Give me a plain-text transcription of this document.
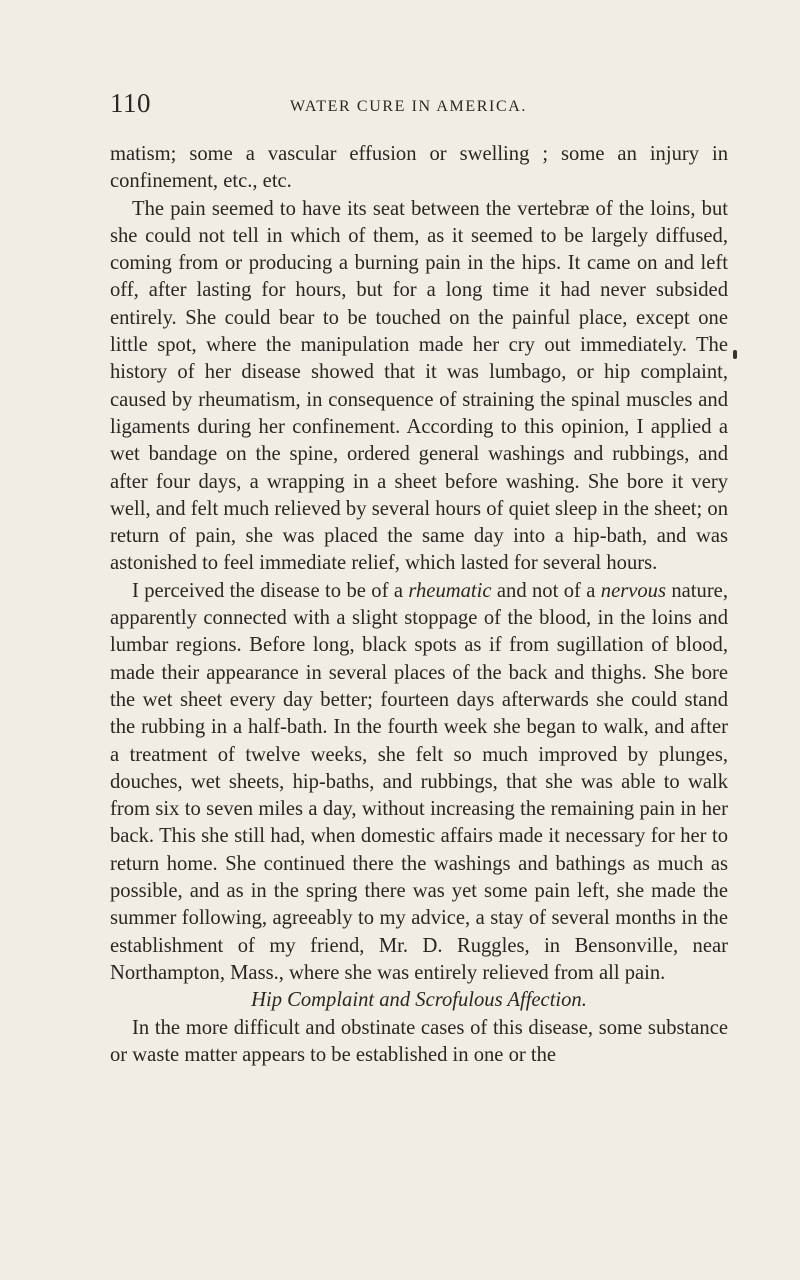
110	WATER CURE IN AMERICA.

matism; some a vascular effusion or swelling ; some an injury in confinement, etc., etc.

The pain seemed to have its seat between the vertebræ of the loins, but she could not tell in which of them, as it seemed to be largely diffused, coming from or producing a burning pain in the hips. It came on and left off, after lasting for hours, but for a long time it had never subsided entirely. She could bear to be touched on the painful place, except one little spot, where the manipulation made her cry out immediately. The history of her disease showed that it was lumbago, or hip complaint, caused by rheumatism, in consequence of straining the spinal muscles and ligaments during her confinement. According to this opinion, I applied a wet bandage on the spine, ordered general washings and rubbings, and after four days, a wrapping in a sheet before washing. She bore it very well, and felt much relieved by several hours of quiet sleep in the sheet; on return of pain, she was placed the same day into a hip-bath, and was astonished to feel immediate relief, which lasted for several hours.

I perceived the disease to be of a rheumatic and not of a nervous nature, apparently connected with a slight stoppage of the blood, in the loins and lumbar regions. Before long, black spots as if from sugillation of blood, made their appearance in several places of the back and thighs. She bore the wet sheet every day better; fourteen days afterwards she could stand the rubbing in a half-bath. In the fourth week she began to walk, and after a treatment of twelve weeks, she felt so much improved by plunges, douches, wet sheets, hip-baths, and rubbings, that she was able to walk from six to seven miles a day, without increasing the remaining pain in her back. This she still had, when domestic affairs made it necessary for her to return home. She continued there the washings and bathings as much as possible, and as in the spring there was yet some pain left, she made the summer following, agreeably to my advice, a stay of several months in the establishment of my friend, Mr. D. Ruggles, in Bensonville, near Northampton, Mass., where she was entirely relieved from all pain.

Hip Complaint and Scrofulous Affection.

In the more difficult and obstinate cases of this disease, some substance or waste matter appears to be established in one or the
